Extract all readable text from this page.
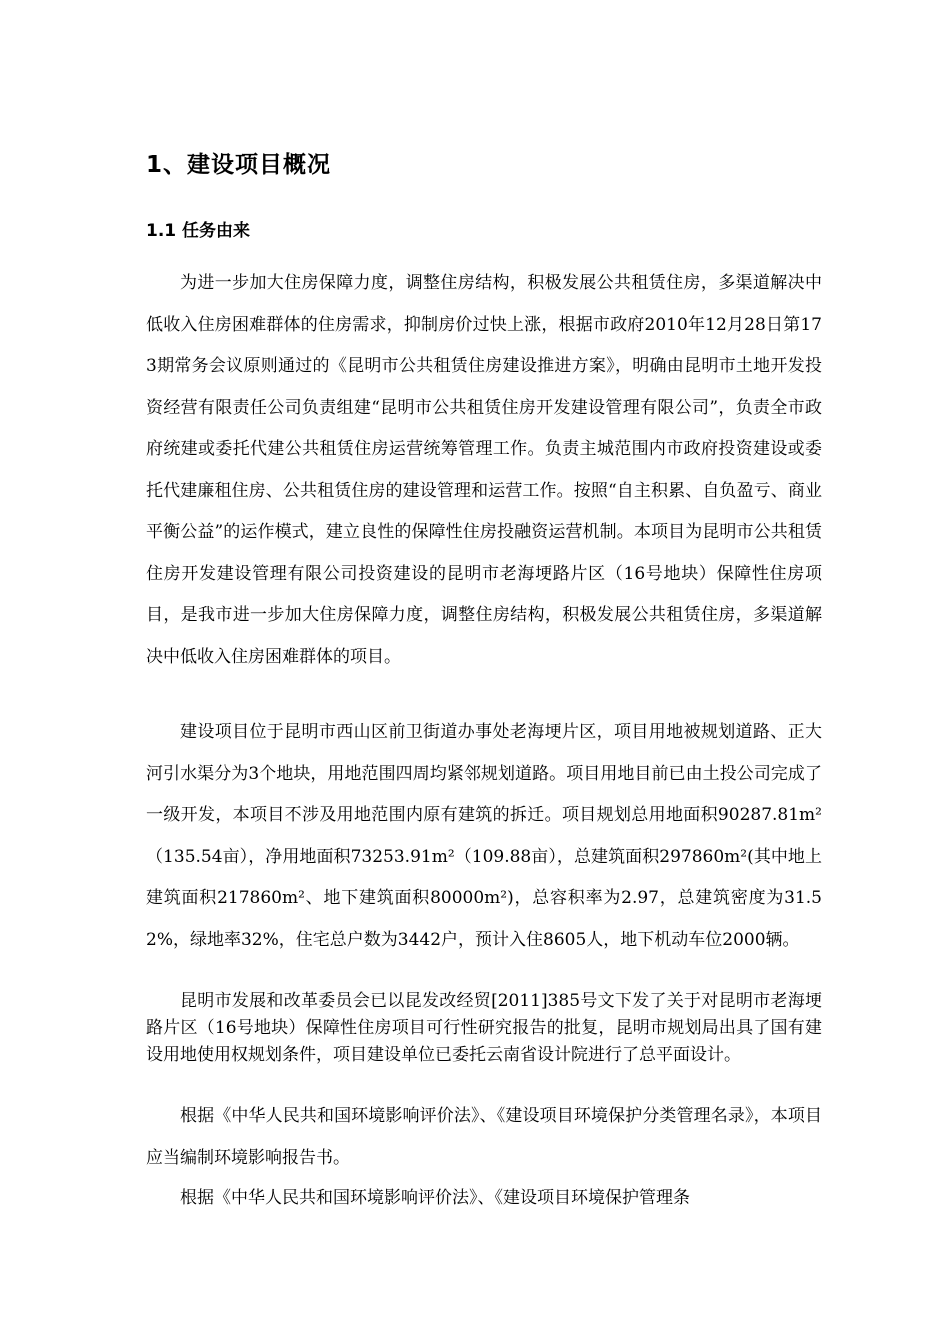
1、建设项目概况
1.1 任务由来
为进一步加大住房保障力度，调整住房结构，积极发展公共租赁住房，多渠道解决中低收入住房困难群体的住房需求，抑制房价过快上涨，根据市政府2010年12月28日第173期常务会议原则通过的《昆明市公共租赁住房建设推进方案》，明确由昆明市土地开发投资经营有限责任公司负责组建“昆明市公共租赁住房开发建设管理有限公司”，负责全市政府统建或委托代建公共租赁住房运营统筹管理工作。负责主城范围内市政府投资建设或委托代建廉租住房、公共租赁住房的建设管理和运营工作。按照“自主积累、自负盈亏、商业平衡公益”的运作模式，建立良性的保障性住房投融资运营机制。本项目为昆明市公共租赁住房开发建设管理有限公司投资建设的昆明市老海埂路片区（16号地块）保障性住房项目，是我市进一步加大住房保障力度，调整住房结构，积极发展公共租赁住房，多渠道解决中低收入住房困难群体的项目。
建设项目位于昆明市西山区前卫街道办事处老海埂片区，项目用地被规划道路、正大河引水渠分为3个地块，用地范围四周均紧邻规划道路。项目用地目前已由土投公司完成了一级开发，本项目不涉及用地范围内原有建筑的拆迁。项目规划总用地面积90287.81m²（135.54亩），净用地面积73253.91m²（109.88亩），总建筑面积297860m²(其中地上建筑面积217860m²、地下建筑面积80000m²)，总容积率为2.97，总建筑密度为31.52%，绿地率32%，住宅总户数为3442户，预计入住8605人，地下机动车位2000辆。
昆明市发展和改革委员会已以昆发改经贸[2011]385号文下发了关于对昆明市老海埂路片区（16号地块）保障性住房项目可行性研究报告的批复，昆明市规划局出具了国有建设用地使用权规划条件，项目建设单位已委托云南省设计院进行了总平面设计。
根据《中华人民共和国环境影响评价法》、《建设项目环境保护分类管理名录》，本项目应当编制环境影响报告书。
根据《中华人民共和国环境影响评价法》、《建设项目环境保护管理条
